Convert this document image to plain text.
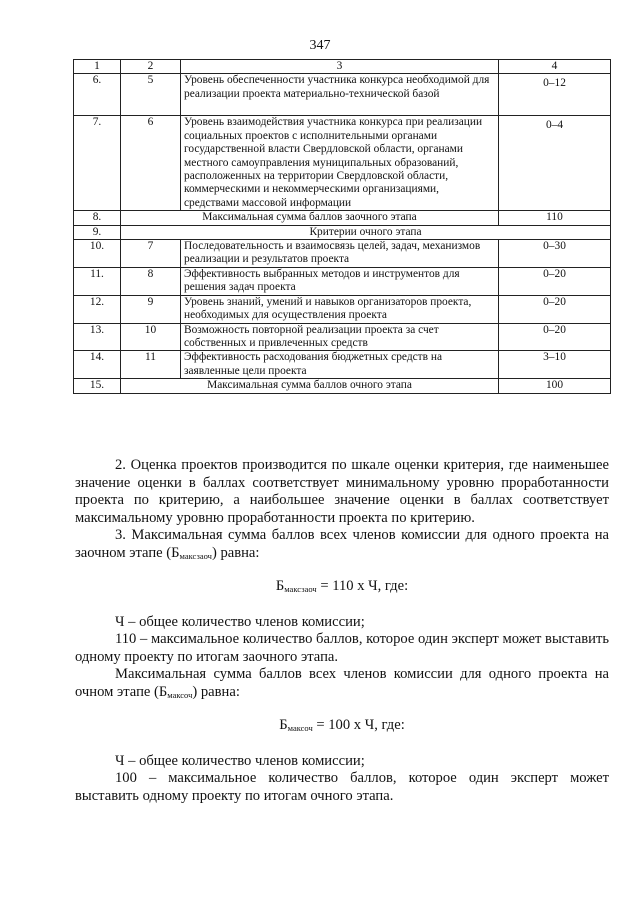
347
1	2	3	4
6.	5	Уровень обеспеченности участника конкурса необходимой для реализации проекта материально-технической базой	0–12
7.	6	Уровень взаимодействия участника конкурса при реализации социальных проектов с исполнительными органами государственной власти Свердловской области, органами местного самоуправления муниципальных образований, расположенных на территории Свердловской области, коммерческими и некоммерческими организациями, средствами массовой информации	0–4
8.	Максимальная сумма баллов заочного этапа		110
9.	Критерии очного этапа		
10.	7	Последовательность и взаимосвязь целей, задач, механизмов реализации и результатов проекта	0–30
11.	8	Эффективность выбранных методов и инструментов для решения задач проекта	0–20
12.	9	Уровень знаний, умений и навыков организаторов проекта, необходимых для осуществления проекта	0–20
13.	10	Возможность повторной реализации проекта за счет собственных и привлеченных средств	0–20
14.	11	Эффективность расходования бюджетных средств на заявленные цели проекта	3–10
15.	Максимальная сумма баллов очного этапа		100

2. Оценка проектов производится по шкале оценки критерия, где наименьшее значение оценки в баллах соответствует минимальному уровню проработанности проекта по критерию, а наибольшее значение оценки в баллах соответствует максимальному уровню проработанности проекта по критерию.

3. Максимальная сумма баллов всех членов комиссии для одного проекта на заочном этапе $(Б_{максзаоч})$ равна:

$Б_{максзаоч} = 110$ х Ч, где:

Ч – общее количество членов комиссии;

110 – максимальное количество баллов, которое один эксперт может выставить одному проекту по итогам заочного этапа.

Максимальная сумма баллов всех членов комиссии для одного проекта на очном этапе $(Б_{максоч})$ равна:

$Б_{максоч} = 100$ х Ч, где:

Ч – общее количество членов комиссии;

100 – максимальное количество баллов, которое один эксперт может выставить одному проекту по итогам очного этапа.
